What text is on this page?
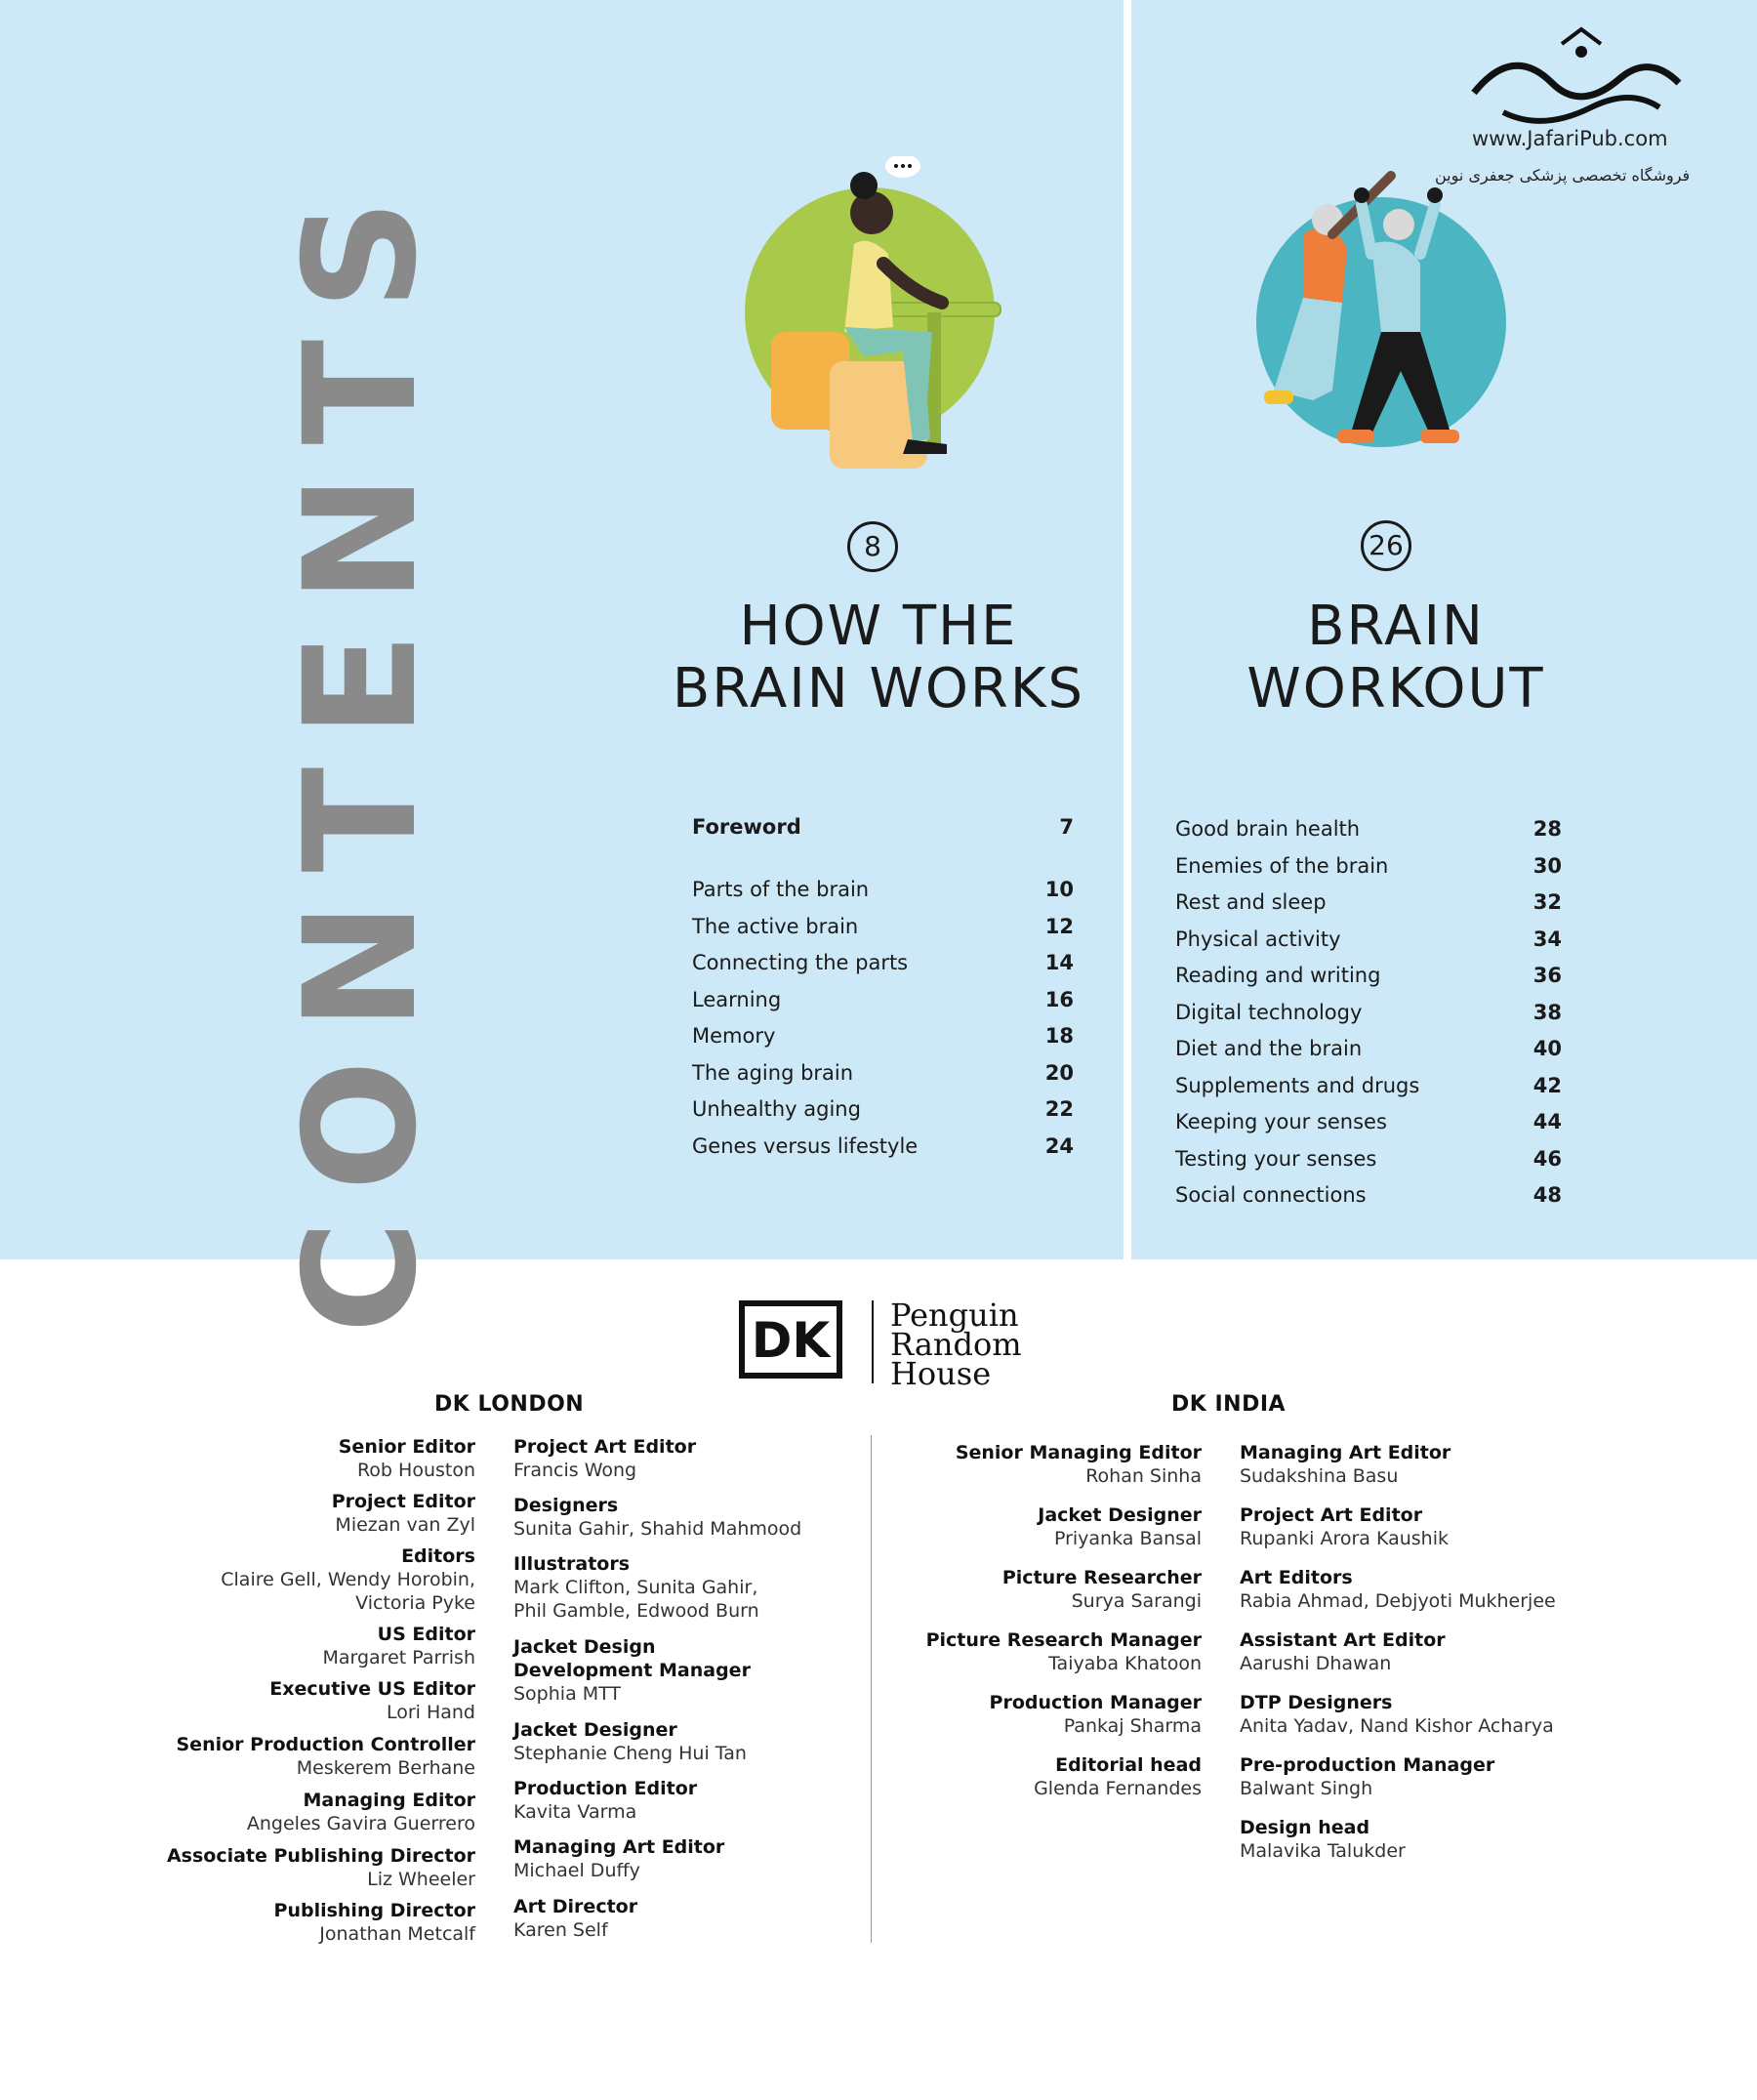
CONTENTS
www.JafariPub.com
فروشگاه تخصصی پزشکی جعفری نوین
8
HOW THE
BRAIN WORKS
26
BRAIN
WORKOUT
Foreword	7
Parts of the brain	10
The active brain	12
Connecting the parts	14
Learning	16
Memory	18
The aging brain	20
Unhealthy aging	22
Genes versus lifestyle	24
Good brain health	28
Enemies of the brain	30
Rest and sleep	32
Physical activity	34
Reading and writing	36
Digital technology	38
Diet and the brain	40
Supplements and drugs	42
Keeping your senses	44
Testing your senses	46
Social connections	48
DK	Penguin
Random
House
DK LONDON	DK INDIA
Senior Editor
Rob Houston
Project Editor
Miezan van Zyl
Editors
Claire Gell, Wendy Horobin,
Victoria Pyke
US Editor
Margaret Parrish
Executive US Editor
Lori Hand
Senior Production Controller
Meskerem Berhane
Managing Editor
Angeles Gavira Guerrero
Associate Publishing Director
Liz Wheeler
Publishing Director
Jonathan Metcalf
Project Art Editor
Francis Wong
Designers
Sunita Gahir, Shahid Mahmood
Illustrators
Mark Clifton, Sunita Gahir,
Phil Gamble, Edwood Burn
Jacket Design
Development Manager
Sophia MTT
Jacket Designer
Stephanie Cheng Hui Tan
Production Editor
Kavita Varma
Managing Art Editor
Michael Duffy
Art Director
Karen Self
Senior Managing Editor
Rohan Sinha
Jacket Designer
Priyanka Bansal
Picture Researcher
Surya Sarangi
Picture Research Manager
Taiyaba Khatoon
Production Manager
Pankaj Sharma
Editorial head
Glenda Fernandes
Managing Art Editor
Sudakshina Basu
Project Art Editor
Rupanki Arora Kaushik
Art Editors
Rabia Ahmad, Debjyoti Mukherjee
Assistant Art Editor
Aarushi Dhawan
DTP Designers
Anita Yadav, Nand Kishor Acharya
Pre-production Manager
Balwant Singh
Design head
Malavika Talukder
